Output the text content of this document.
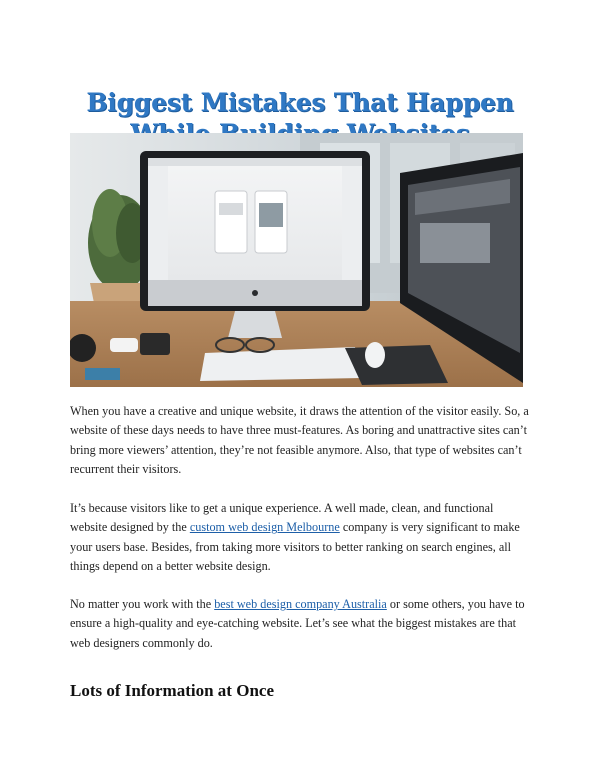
Biggest Mistakes That Happen

When you have a creative and unique website, it draws the attention of the visitor easily. So, a website of these days needs to have three must-features. As boring and unattractive sites can’t bring more viewers’ attention, they’re not feasible anymore. Also, that type of websites can’t recurrent their visitors.

It’s because visitors like to get a unique experience. A well made, clean, and functional website designed by the custom web design Melbourne company is very significant to make your users base. Besides, from taking more visitors to better ranking on search engines, all things depend on a better website design.

No matter you work with the best web design company Australia or some others, you have to ensure a high-quality and eye-catching website. Let’s see what the biggest mistakes are that web designers commonly do.

Lots of Information at Once
